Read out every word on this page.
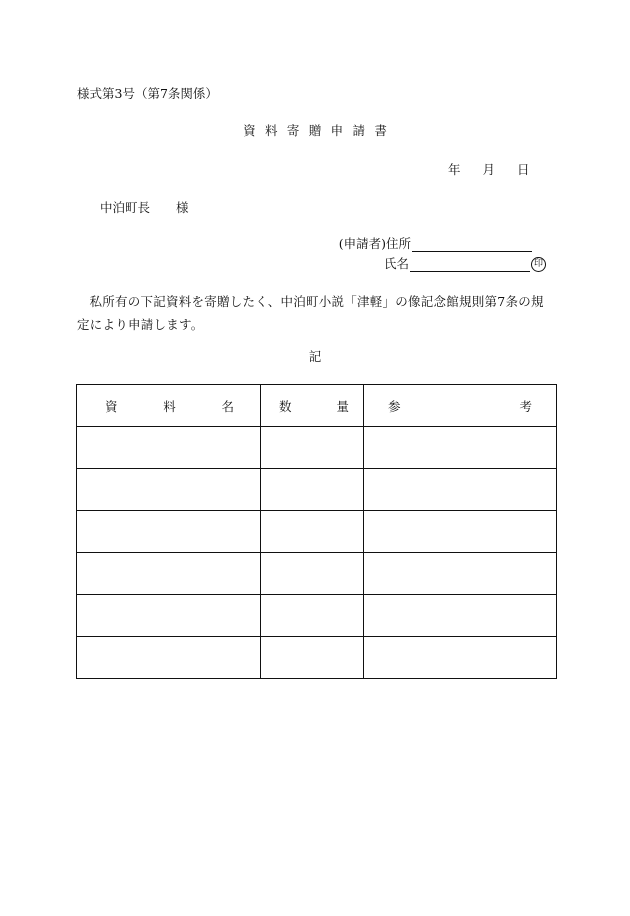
様式第3号（第7条関係）
資料寄贈申請書
年 月 日
中泊町長 様
(申請者)住所
氏名	印
私所有の下記資料を寄贈したく、中泊町小説「津軽」の像記念館規則第7条の規定により申請します。
記
資 料 名	数 量	参 考
